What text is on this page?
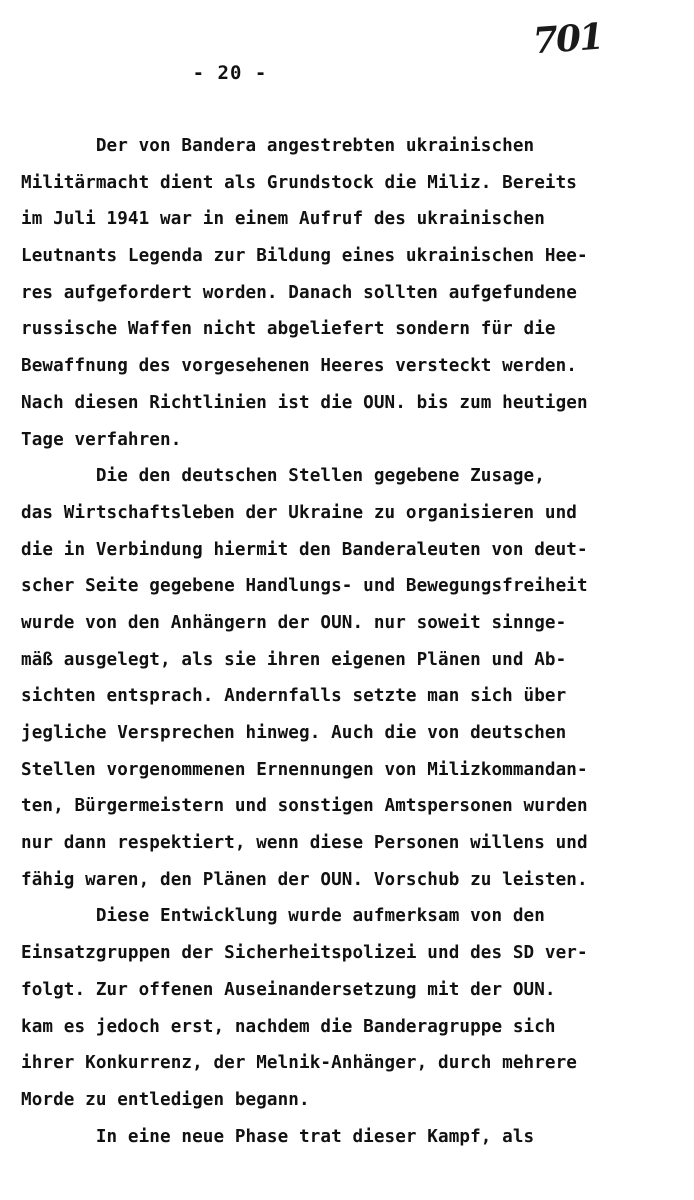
701
- 20 -
Der von Bandera angestrebten ukrainischen
Militärmacht dient als Grundstock die Miliz. Bereits
im Juli 1941 war in einem Aufruf des ukrainischen
Leutnants Legenda zur Bildung eines ukrainischen Hee-
res aufgefordert worden. Danach sollten aufgefundene
russische Waffen nicht abgeliefert sondern für die
Bewaffnung des vorgesehenen Heeres versteckt werden.
Nach diesen Richtlinien ist die OUN. bis zum heutigen
Tage verfahren.
Die den deutschen Stellen gegebene Zusage,
das Wirtschaftsleben der Ukraine zu organisieren und
die in Verbindung hiermit den Banderaleuten von deut-
scher Seite gegebene Handlungs- und Bewegungsfreiheit
wurde von den Anhängern der OUN. nur soweit sinnge-
mäß ausgelegt, als sie ihren eigenen Plänen und Ab-
sichten entsprach. Andernfalls setzte man sich über
jegliche Versprechen hinweg. Auch die von deutschen
Stellen vorgenommenen Ernennungen von Milizkommandan-
ten, Bürgermeistern und sonstigen Amtspersonen wurden
nur dann respektiert, wenn diese Personen willens und
fähig waren, den Plänen der OUN. Vorschub zu leisten.
Diese Entwicklung wurde aufmerksam von den
Einsatzgruppen der Sicherheitspolizei und des SD ver-
folgt. Zur offenen Auseinandersetzung mit der OUN.
kam es jedoch erst, nachdem die Banderagruppe sich
ihrer Konkurrenz, der Melnik-Anhänger, durch mehrere
Morde zu entledigen begann.
In eine neue Phase trat dieser Kampf, als
